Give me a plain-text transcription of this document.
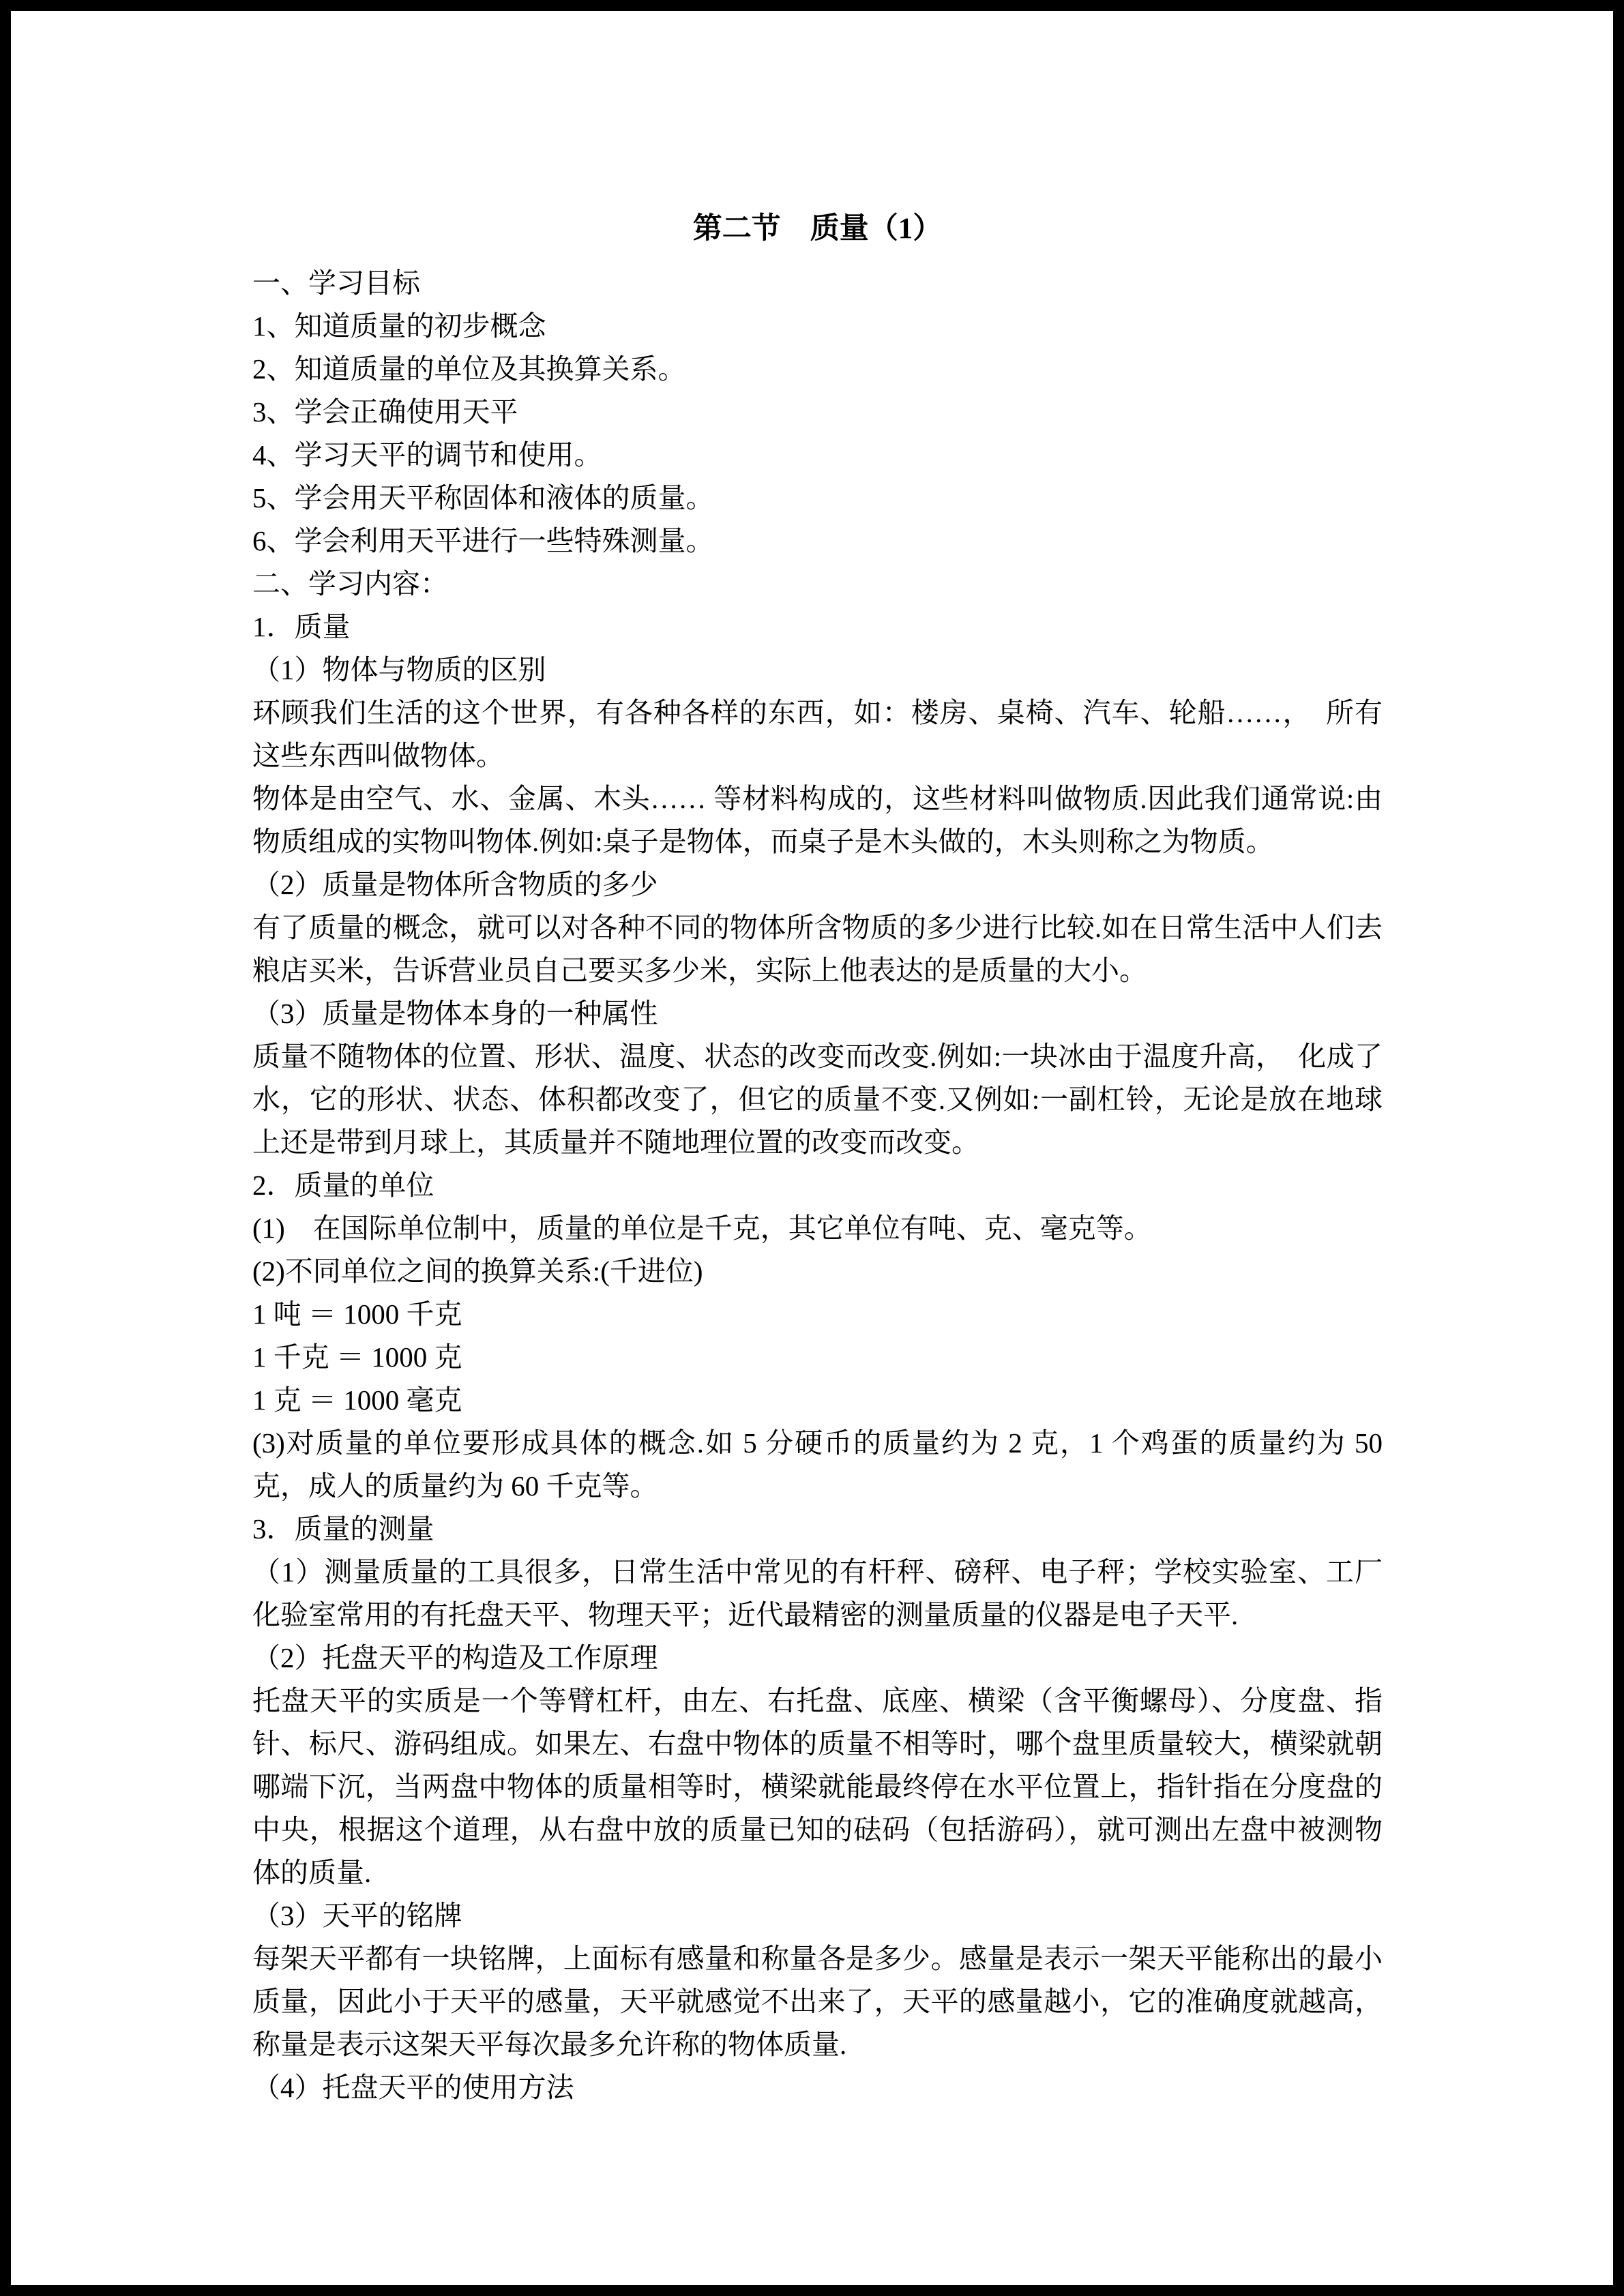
第二节　质量（1）

一、学习目标

1、知道质量的初步概念

2、知道质量的单位及其换算关系。

3、学会正确使用天平

4、学习天平的调节和使用。

5、学会用天平称固体和液体的质量。

6、学会利用天平进行一些特殊测量。

二、学习内容：

1．质量

（1）物体与物质的区别

环顾我们生活的这个世界，有各种各样的东西，如：楼房、桌椅、汽车、轮船……，　所有这些东西叫做物体。

物体是由空气、水、金属、木头…… 等材料构成的，这些材料叫做物质.因此我们通常说:由物质组成的实物叫物体.例如:桌子是物体，而桌子是木头做的，木头则称之为物质。

（2）质量是物体所含物质的多少

有了质量的概念，就可以对各种不同的物体所含物质的多少进行比较.如在日常生活中人们去粮店买米，告诉营业员自己要买多少米，实际上他表达的是质量的大小。

（3）质量是物体本身的一种属性

质量不随物体的位置、形状、温度、状态的改变而改变.例如:一块冰由于温度升高，　化成了水，它的形状、状态、体积都改变了，但它的质量不变.又例如:一副杠铃，无论是放在地球上还是带到月球上，其质量并不随地理位置的改变而改变。

2．质量的单位

(1)　在国际单位制中，质量的单位是千克，其它单位有吨、克、毫克等。

(2)不同单位之间的换算关系:(千进位)

1 吨 ＝ 1000 千克

1 千克 ＝ 1000 克

1 克 ＝ 1000 毫克

(3)对质量的单位要形成具体的概念.如 5 分硬币的质量约为 2 克，1 个鸡蛋的质量约为 50 克，成人的质量约为 60 千克等。

3．质量的测量

（1）测量质量的工具很多，日常生活中常见的有杆秤、磅秤、电子秤；学校实验室、工厂化验室常用的有托盘天平、物理天平；近代最精密的测量质量的仪器是电子天平.

（2）托盘天平的构造及工作原理

托盘天平的实质是一个等臂杠杆，由左、右托盘、底座、横梁（含平衡螺母）、分度盘、指针、标尺、游码组成。如果左、右盘中物体的质量不相等时，哪个盘里质量较大，横梁就朝哪端下沉，当两盘中物体的质量相等时，横梁就能最终停在水平位置上，指针指在分度盘的中央，根据这个道理，从右盘中放的质量已知的砝码（包括游码），就可测出左盘中被测物体的质量.

（3）天平的铭牌

每架天平都有一块铭牌，上面标有感量和称量各是多少。感量是表示一架天平能称出的最小质量，因此小于天平的感量，天平就感觉不出来了，天平的感量越小，它的准确度就越高，称量是表示这架天平每次最多允许称的物体质量.

（4）托盘天平的使用方法
